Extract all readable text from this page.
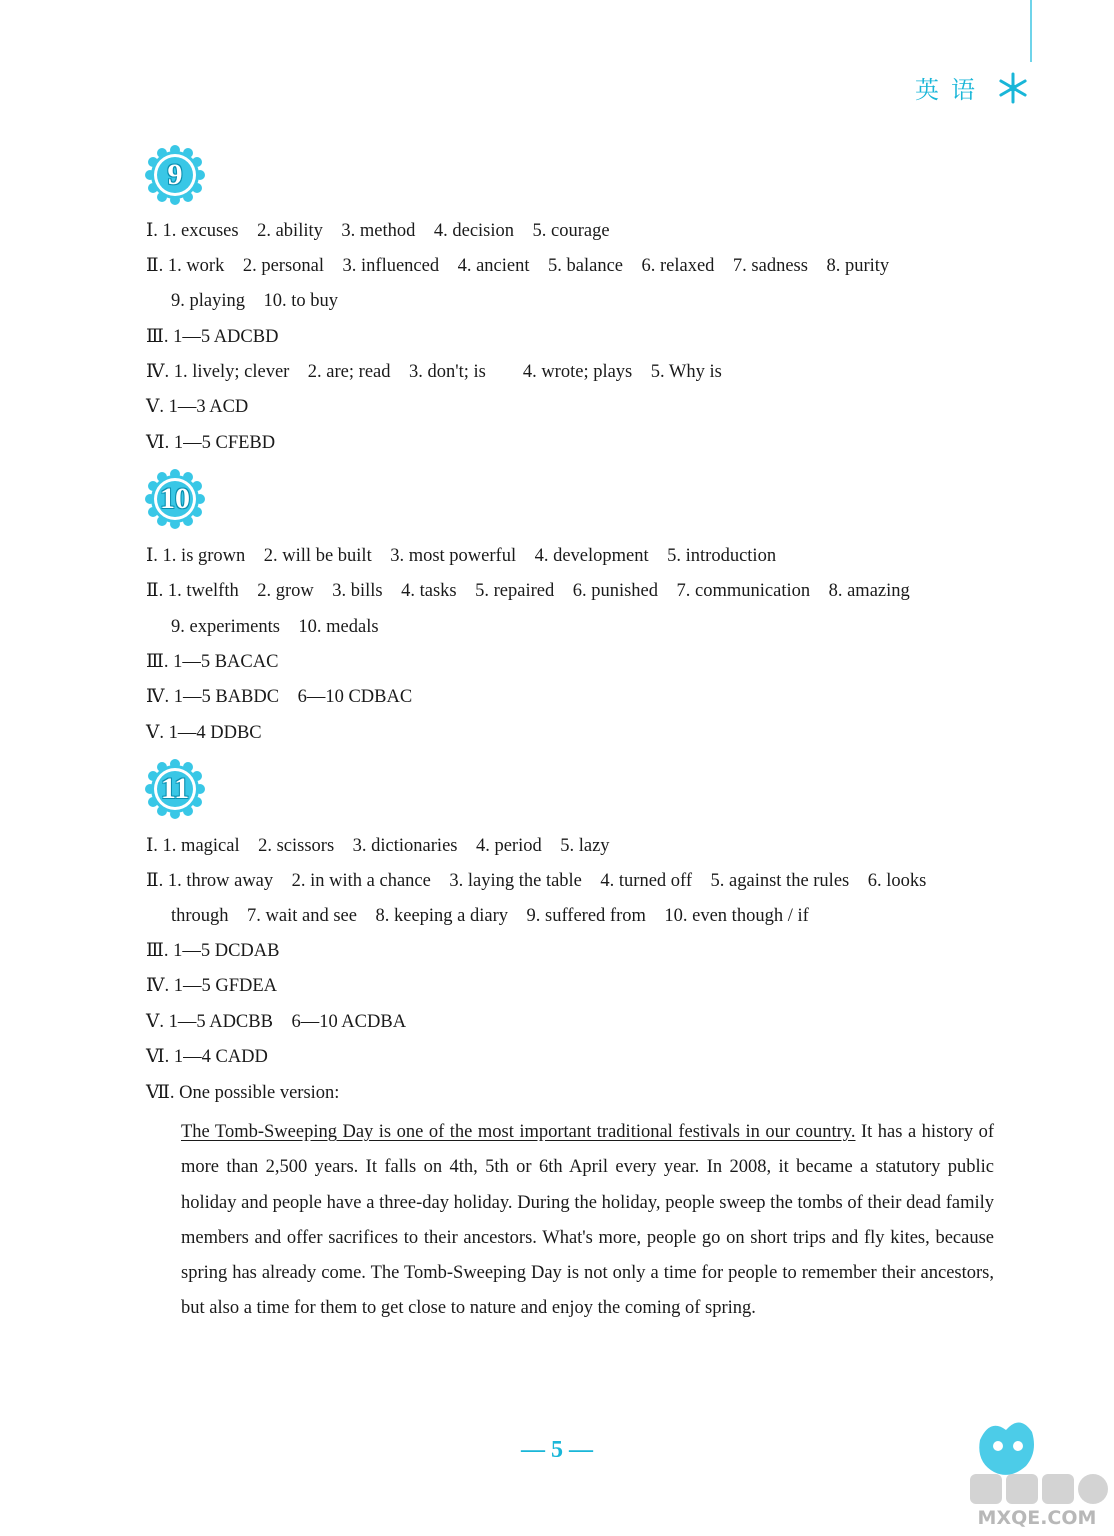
英语
9
Ⅰ. 1. excuses    2. ability    3. method    4. decision    5. courage
Ⅱ. 1. work    2. personal    3. influenced    4. ancient    5. balance    6. relaxed    7. sadness    8. purity
9. playing    10. to buy
Ⅲ. 1—5 ADCBD
Ⅳ. 1. lively; clever    2. are; read    3. don't; is        4. wrote; plays    5. Why is
Ⅴ. 1—3 ACD
Ⅵ. 1—5 CFEBD
10
Ⅰ. 1. is grown    2. will be built    3. most powerful    4. development    5. introduction
Ⅱ. 1. twelfth    2. grow    3. bills    4. tasks    5. repaired    6. punished    7. communication    8. amazing
9. experiments    10. medals
Ⅲ. 1—5 BACAC
Ⅳ. 1—5 BABDC    6—10 CDBAC
Ⅴ. 1—4 DDBC
11
Ⅰ. 1. magical    2. scissors    3. dictionaries    4. period    5. lazy
Ⅱ. 1. throw away    2. in with a chance    3. laying the table    4. turned off    5. against the rules    6. looks
through    7. wait and see    8. keeping a diary    9. suffered from    10. even though / if
Ⅲ. 1—5 DCDAB
Ⅳ. 1—5 GFDEA
Ⅴ. 1—5 ADCBB    6—10 ACDBA
Ⅵ. 1—4 CADD
Ⅶ. One possible version:
The Tomb-Sweeping Day is one of the most important traditional festivals in our country. It has a history of more than 2,500 years. It falls on 4th, 5th or 6th April every year. In 2008, it became a statutory public holiday and people have a three-day holiday. During the holiday, people sweep the tombs of their dead family members and offer sacrifices to their ancestors. What's more, people go on short trips and fly kites, because spring has already come. The Tomb-Sweeping Day is not only a time for people to remember their ancestors, but also a time for them to get close to nature and enjoy the coming of spring.
— 5 —
MXQE.COM
